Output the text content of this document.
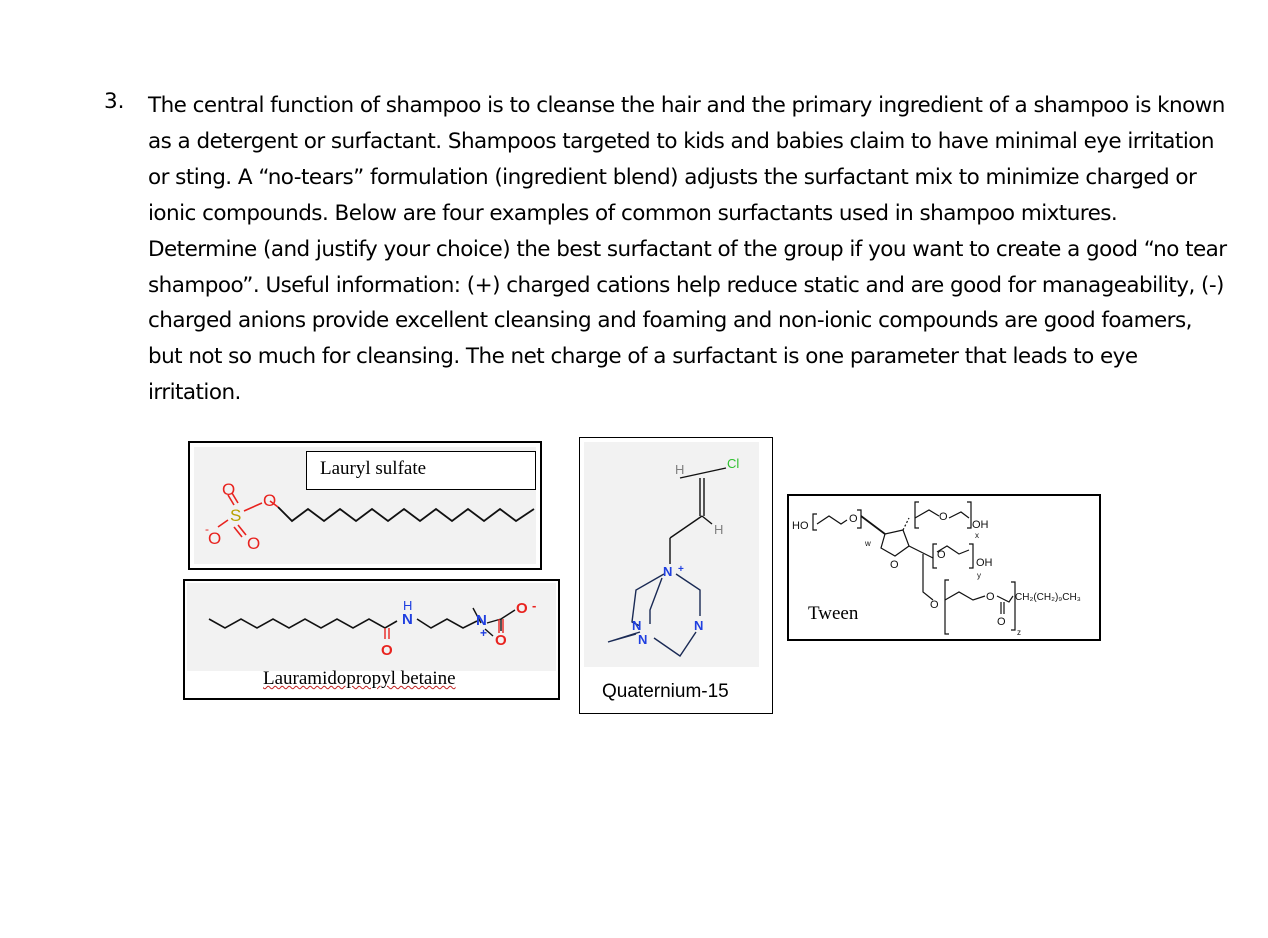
3. The central function of shampoo is to cleanse the hair and the primary ingredient of a shampoo is known as a detergent or surfactant. Shampoos targeted to kids and babies claim to have minimal eye irritation or sting. A “no-tears” formulation (ingredient blend) adjusts the surfactant mix to minimize charged or ionic compounds. Below are four examples of common surfactants used in shampoo mixtures. Determine (and justify your choice) the best surfactant of the group if you want to create a good “no tear shampoo”. Useful information: (+) charged cations help reduce static and are good for manageability, (-) charged anions provide excellent cleansing and foaming and non-ionic compounds are good foamers, but not so much for cleansing. The net charge of a surfactant is one parameter that leads to eye irritation.

O
O
S
- O O
Lauryl sulfate
H
N
O
N
+
O -
O
Lauramidopropyl betaine
H	Cl
H
N +
N
N
N
Quaternium-15
HO
O
w
O
O
OH
x
O
OH
y
O
O CH₂(CH₂)₉CH₃
O
z
Tween
